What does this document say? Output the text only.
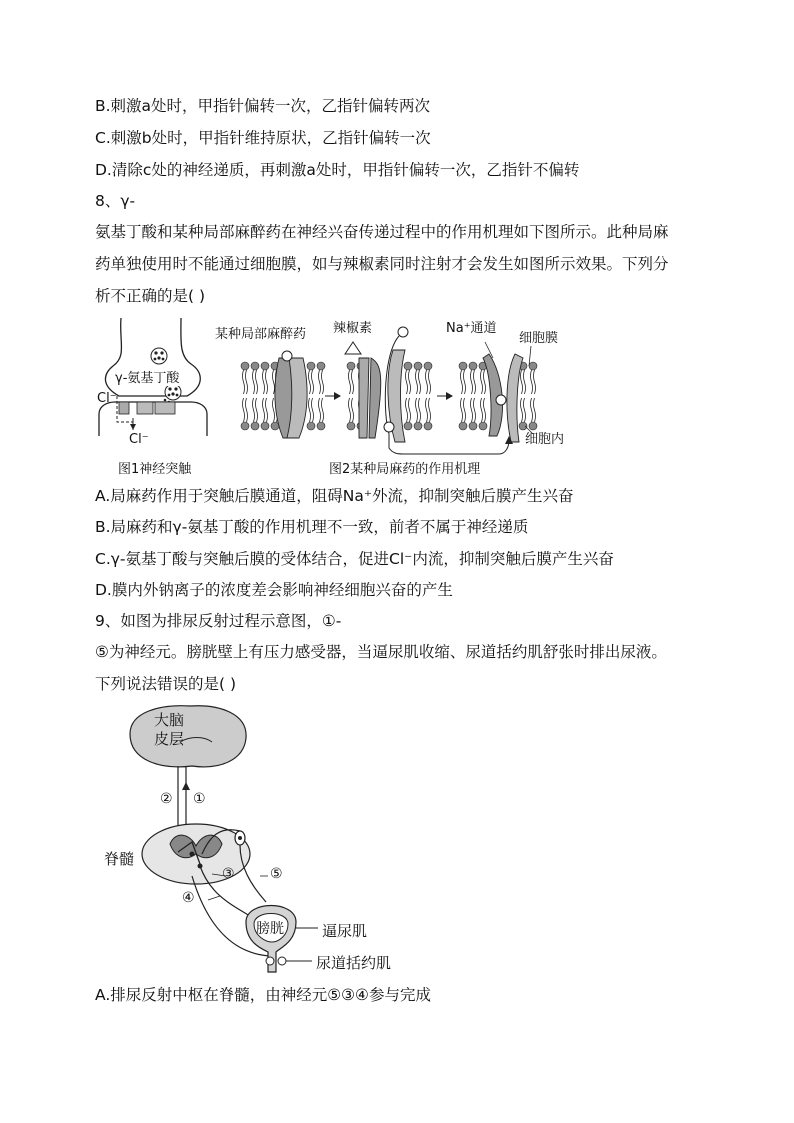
B.刺激a处时，甲指针偏转一次，乙指针偏转两次
C.刺激b处时，甲指针维持原状，乙指针偏转一次
D.清除c处的神经递质，再刺激a处时，甲指针偏转一次，乙指针不偏转
8、γ-
氨基丁酸和某种局部麻醉药在神经兴奋传递过程中的作用机理如下图所示。此种局麻
药单独使用时不能通过细胞膜，如与辣椒素同时注射才会发生如图所示效果。下列分
析不正确的是( )
γ-氨基丁酸
Cl⁻
Cl⁻
图1神经突触
某种局部麻醉药 辣椒素	Na⁺通道
细胞膜
细胞内
图2某种局麻药的作用机理
A.局麻药作用于突触后膜通道，阻碍Na⁺外流，抑制突触后膜产生兴奋
B.局麻药和γ-氨基丁酸的作用机理不一致，前者不属于神经递质
C.γ-氨基丁酸与突触后膜的受体结合，促进Cl⁻内流，抑制突触后膜产生兴奋
D.膜内外钠离子的浓度差会影响神经细胞兴奋的产生
9、如图为排尿反射过程示意图，①-
⑤为神经元。膀胱壁上有压力感受器，当逼尿肌收缩、尿道括约肌舒张时排出尿液。
下列说法错误的是( )
大脑
皮层
② ①
脊髓
③	⑤
④
膀胱	逼尿肌
尿道括约肌
A.排尿反射中枢在脊髓，由神经元⑤③④参与完成
